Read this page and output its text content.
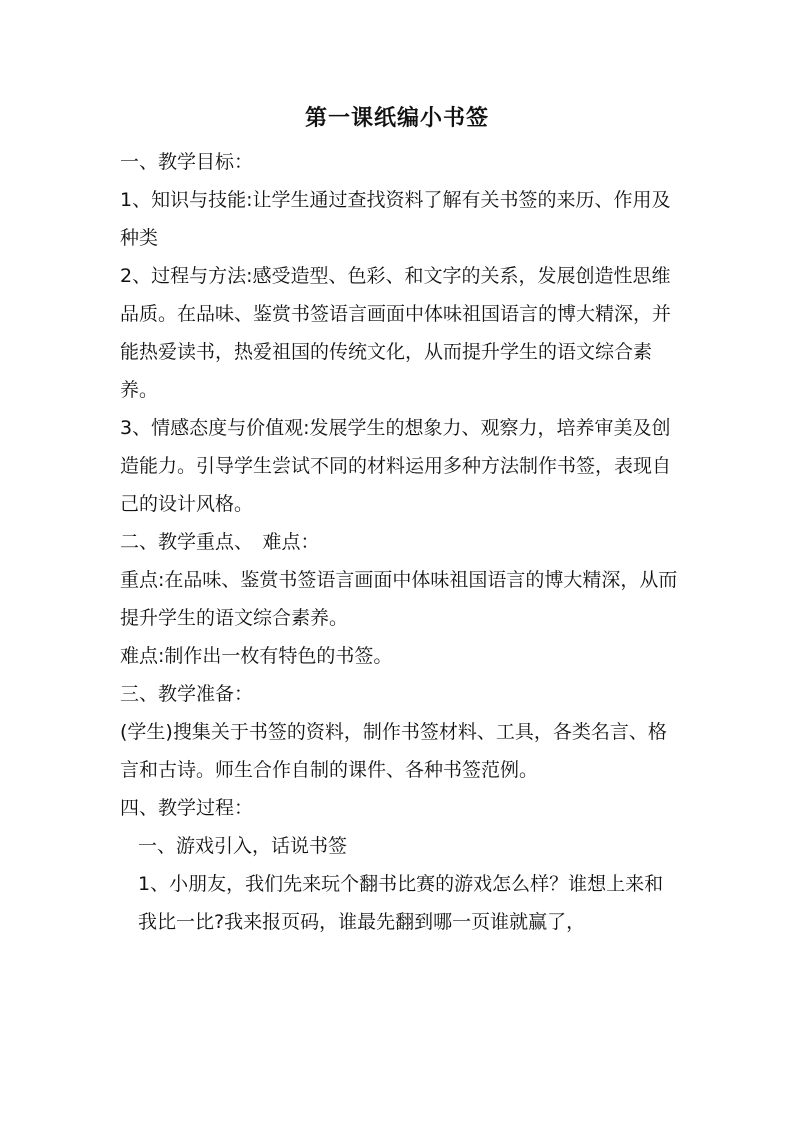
第一课纸编小书签

一、教学目标：

1、知识与技能:让学生通过查找资料了解有关书签的来历、作用及种类

2、过程与方法:感受造型、色彩、和文字的关系，发展创造性思维品质。在品味、鉴赏书签语言画面中体味祖国语言的博大精深，并能热爱读书，热爱祖国的传统文化，从而提升学生的语文综合素养。

3、情感态度与价值观:发展学生的想象力、观察力，培养审美及创造能力。引导学生尝试不同的材料运用多种方法制作书签，表现自己的设计风格。

二、教学重点、　难点：

重点:在品味、鉴赏书签语言画面中体味祖国语言的博大精深，从而提升学生的语文综合素养。

难点:制作出一枚有特色的书签。

三、教学准备：

(学生)搜集关于书签的资料，制作书签材料、工具，各类名言、格言和古诗。师生合作自制的课件、各种书签范例。

四、教学过程：

一、游戏引入，话说书签

1、小朋友，我们先来玩个翻书比赛的游戏怎么样？谁想上来和我比一比?我来报页码，谁最先翻到哪一页谁就赢了，
